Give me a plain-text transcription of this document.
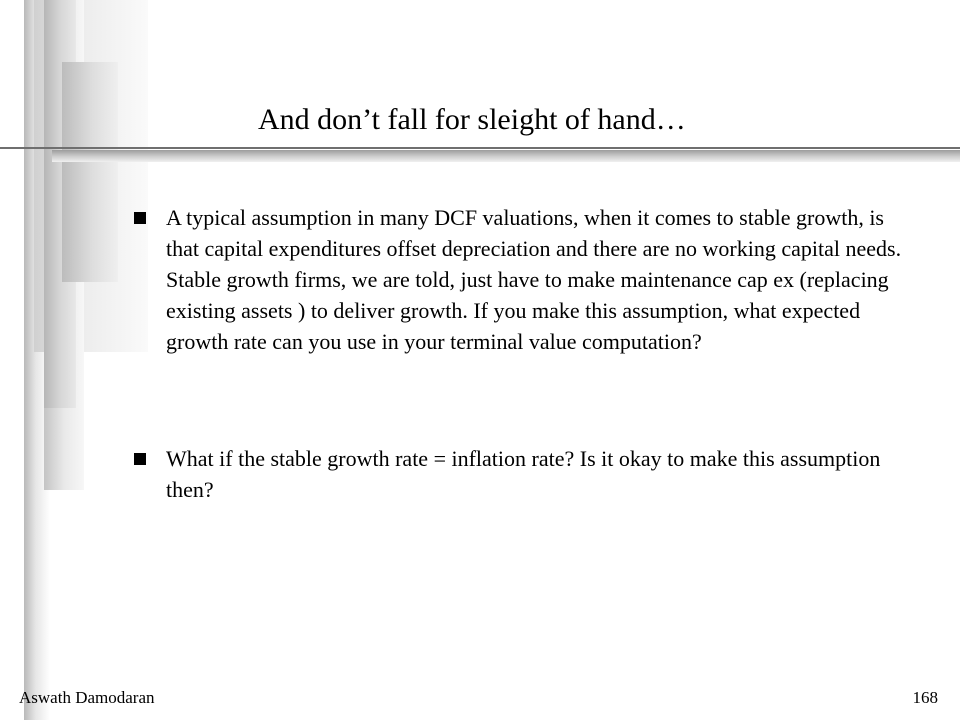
And don’t fall for sleight of hand…
A typical assumption in many DCF valuations, when it comes to stable growth, is that capital expenditures offset depreciation and there are no working capital needs. Stable growth firms, we are told, just have to make maintenance cap ex (replacing existing assets ) to deliver growth. If you make this assumption, what expected growth rate can you use in your terminal value computation?
What if the stable growth rate = inflation rate? Is it okay to make this assumption then?
Aswath Damodaran	168
